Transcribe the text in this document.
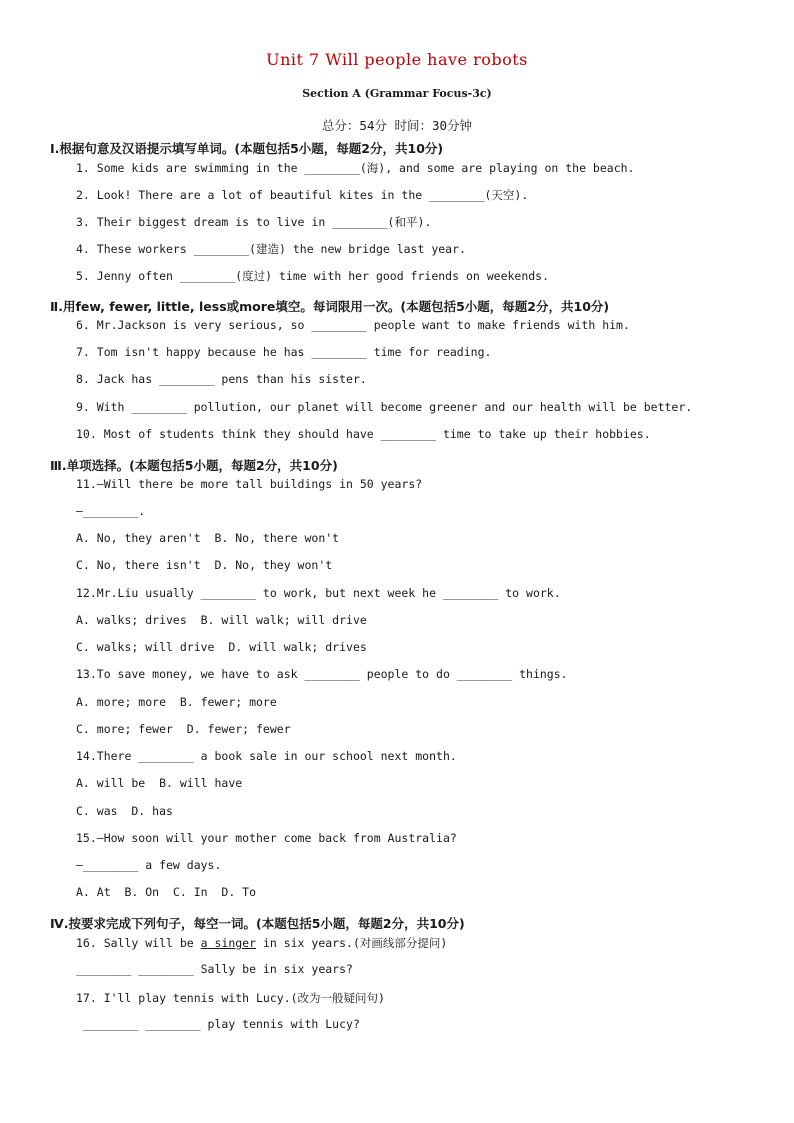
Unit 7 Will people have robots
Section A (Grammar Focus-3c)
总分：54分 时间：30分钟
Ⅰ.根据句意及汉语提示填写单词。(本题包括5小题，每题2分，共10分)
1. Some kids are swimming in the ________(海), and some are playing on the beach.
2. Look! There are a lot of beautiful kites in the ________(天空).
3. Their biggest dream is to live in ________(和平).
4. These workers ________(建造) the new bridge last year.
5. Jenny often ________(度过) time with her good friends on weekends.
Ⅱ.用few, fewer, little, less或more填空。每词限用一次。(本题包括5小题，每题2分，共10分)
6. Mr.Jackson is very serious, so ________ people want to make friends with him.
7. Tom isn't happy because he has ________ time for reading.
8. Jack has ________ pens than his sister.
9. With ________ pollution, our planet will become greener and our health will be better.
10. Most of students think they should have ________ time to take up their hobbies.
Ⅲ.单项选择。(本题包括5小题，每题2分，共10分)
11.—Will there be more tall buildings in 50 years?
—________.
A. No, they aren't  B. No, there won't
C. No, there isn't  D. No, they won't
12.Mr.Liu usually ________ to work, but next week he ________ to work.
A. walks; drives  B. will walk; will drive
C. walks; will drive  D. will walk; drives
13.To save money, we have to ask ________ people to do ________ things.
A. more; more  B. fewer; more
C. more; fewer  D. fewer; fewer
14.There ________ a book sale in our school next month.
A. will be  B. will have
C. was  D. has
15.—How soon will your mother come back from Australia?
—________ a few days.
A. At  B. On  C. In  D. To
Ⅳ.按要求完成下列句子，每空一词。(本题包括5小题，每题2分，共10分)
16. Sally will be a singer in six years.(对画线部分提问)
________ ________ Sally be in six years?
17. I'll play tennis with Lucy.(改为一般疑问句)
________ ________ play tennis with Lucy?
